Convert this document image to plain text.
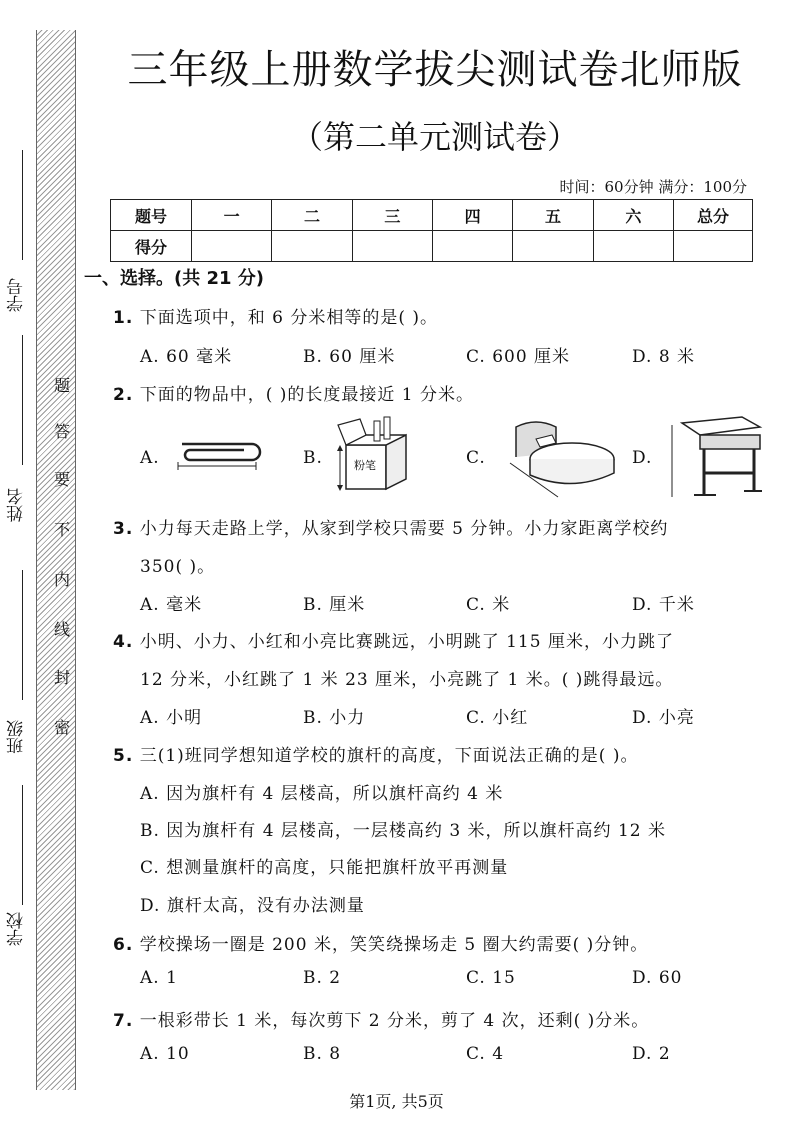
学号
姓名
班级
学校
题
答
要
不
内
线
封
密
三年级上册数学拔尖测试卷北师版
（第二单元测试卷）
时间：60分钟 满分：100分
题号	一	二	三	四	五	六	总分
得分							
一、选择。(共 21 分)
1. 下面选项中，和 6 分米相等的是( )。
A. 60 毫米	B. 60 厘米	C. 600 厘米	D. 8 米
2. 下面的物品中，( )的长度最接近 1 分米。
A.	B.	C.	D.
粉笔
3. 小力每天走路上学，从家到学校只需要 5 分钟。小力家距离学校约
350( )。
A. 毫米	B. 厘米	C. 米	D. 千米
4. 小明、小力、小红和小亮比赛跳远，小明跳了 115 厘米，小力跳了
12 分米，小红跳了 1 米 23 厘米，小亮跳了 1 米。( )跳得最远。
A. 小明	B. 小力	C. 小红	D. 小亮
5. 三(1)班同学想知道学校的旗杆的高度，下面说法正确的是( )。
A. 因为旗杆有 4 层楼高，所以旗杆高约 4 米
B. 因为旗杆有 4 层楼高，一层楼高约 3 米，所以旗杆高约 12 米
C. 想测量旗杆的高度，只能把旗杆放平再测量
D. 旗杆太高，没有办法测量
6. 学校操场一圈是 200 米，笑笑绕操场走 5 圈大约需要( )分钟。
A. 1	B. 2	C. 15	D. 60
7. 一根彩带长 1 米，每次剪下 2 分米，剪了 4 次，还剩( )分米。
A. 10	B. 8	C. 4	D. 2
第1页, 共5页
